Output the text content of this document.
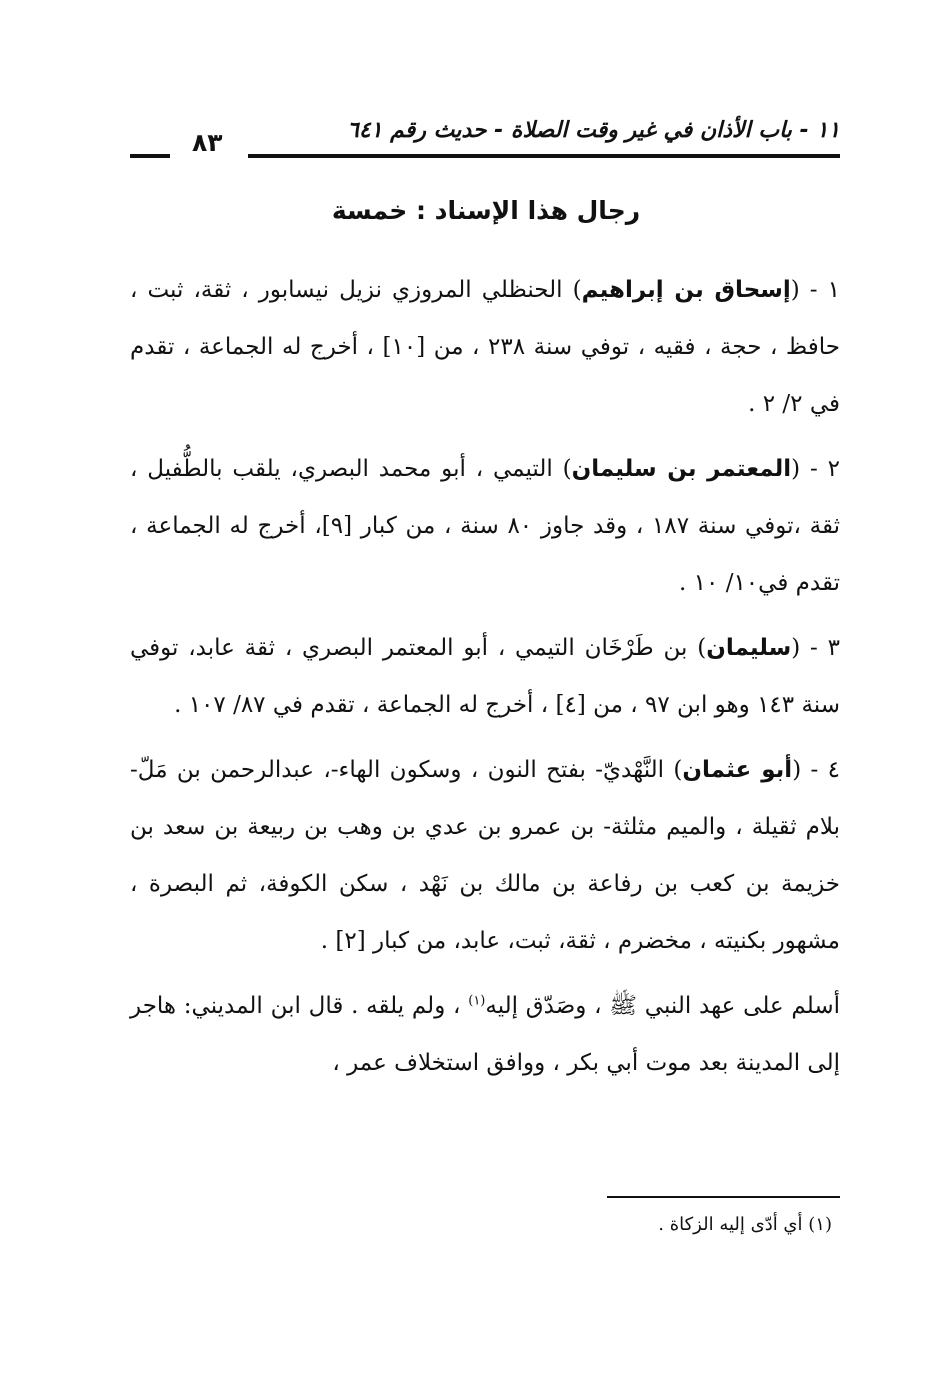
١١ - باب الأذان في غير وقت الصلاة - حديث رقم ٦٤١
٨٣
رجال هذا الإسناد : خمسة

١ - (إسحاق بن إبراهيم) الحنظلي المروزي نزيل نيسابور ، ثقة، ثبت ، حافظ ، حجة ، فقيه ، توفي سنة ٢٣٨ ، من [١٠] ، أخرج له الجماعة ، تقدم في ٢/ ٢ .

٢ - (المعتمر بن سليمان) التيمي ، أبو محمد البصري، يلقب بالطُّفيل ، ثقة ،توفي سنة ١٨٧ ، وقد جاوز ٨٠ سنة ، من كبار [٩]، أخرج له الجماعة ، تقدم في١٠/ ١٠ .

٣ - (سليمان) بن طَرْخَان التيمي ، أبو المعتمر البصري ، ثقة عابد، توفي سنة ١٤٣ وهو ابن ٩٧ ، من [٤] ، أخرج له الجماعة ، تقدم في ٨٧/ ١٠٧ .

٤ - (أبو عثمان) النَّهْديّ- بفتح النون ، وسكون الهاء-، عبدالرحمن بن مَلّ- بلام ثقيلة ، والميم مثلثة- بن عمرو بن عدي بن وهب بن ربيعة بن سعد بن خزيمة بن كعب بن رفاعة بن مالك بن نَهْد ، سكن الكوفة، ثم البصرة ، مشهور بكنيته ، مخضرم ، ثقة، ثبت، عابد، من كبار [٢] .

أسلم على عهد النبي ﷺ ، وصَدّق إليه$^{(١)}$ ، ولم يلقه . قال ابن المديني: هاجر إلى المدينة بعد موت أبي بكر ، ووافق استخلاف عمر ،

(١) أي أدّى إليه الزكاة .
